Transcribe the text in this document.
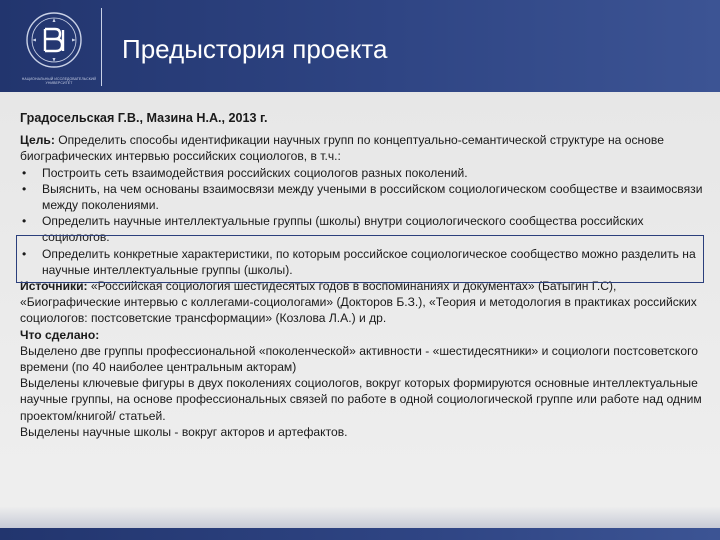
НАЦИОНАЛЬНЫЙ ИССЛЕДОВАТЕЛЬСКИЙ УНИВЕРСИТЕТ
Предыстория проекта

Градосельская Г.В., Мазина Н.А., 2013 г.

Цель: Определить способы идентификации научных групп по концептуально-семантической структуре на основе биографических интервью российских социологов, в т.ч.:

• Построить сеть взаимодействия российских социологов разных поколений.
• Выяснить, на чем основаны взаимосвязи между учеными в российском социологическом сообществе и взаимосвязи между поколениями.
• Определить научные интеллектуальные группы (школы) внутри социологического сообщества российских социологов.
• Определить конкретные характеристики, по которым российское социологическое сообщество можно разделить на научные интеллектуальные группы (школы).

Источники: «Российская социология шестидесятых годов в воспоминаниях и документах» (Батыгин Г.С), «Биографические интервью с коллегами-социологами» (Докторов Б.З.), «Теория и методология в практиках российских социологов: постсоветские трансформации» (Козлова Л.А.) и др.

Что сделано:

Выделено две группы профессиональной «поколенческой» активности - «шестидесятники» и социологи постсоветского времени (по 40 наиболее центральным акторам)

Выделены ключевые фигуры в двух поколениях социологов, вокруг которых формируются основные интеллектуальные научные группы, на основе профессиональных связей по работе в одной социологической группе или работе над одним проектом/книгой/ статьей.

Выделены научные школы - вокруг акторов и артефактов.
